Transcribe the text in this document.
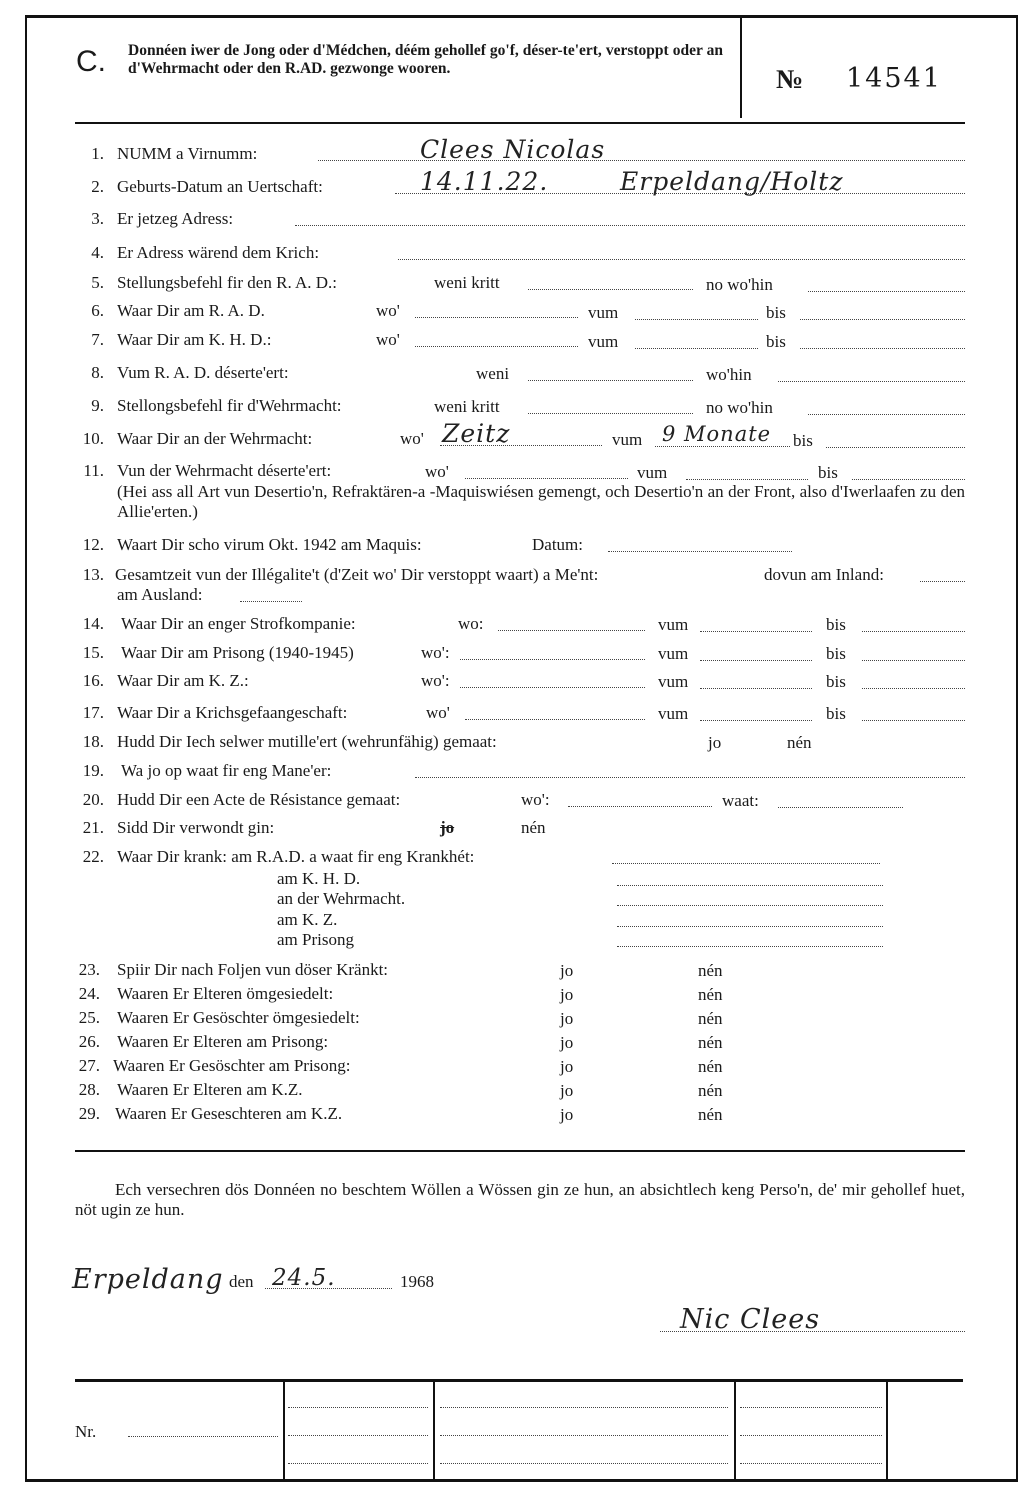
C. Donnéen iwer de Jong oder d'Médchen, déém gehollef go'f, déser-te'ert, verstoppt oder an d'Wehrmacht oder den R.AD. gezwonge wooren.	№ 14541
1. NUMM a Virnumm:	Clees Nicolas
2. Geburts-Datum an Uertschaft:	14.11.22.	Erpeldang/Holtz
3. Er jetzeg Adress:
4. Er Adress wärend dem Krich:
5. Stellungsbefehl fir den R. A. D.:	weni kritt	no wo'hin
6. Waar Dir am R. A. D.	wo'	vum	bis
7. Waar Dir am K. H. D.:	wo'	vum	bis
8. Vum R. A. D. déserte'ert:	weni	wo'hin
9. Stellongsbefehl fir d'Wehrmacht:	weni kritt	no wo'hin
10. Waar Dir an der Wehrmacht:	wo' Zeitz	vum 9 Monate bis
11. Vun der Wehrmacht déserte'ert:	wo'	vum	bis
(Hei ass all Art vun Desertio'n, Refraktären-a -Maquiswiésen gemengt, och Desertio'n an der Front, also d'Iwerlaafen zu den Allie'erten.)
12. Waart Dir scho virum Okt. 1942 am Maquis:	Datum:
13. Gesamtzeit vun der Illégalite't (d'Zeit wo' Dir verstoppt waart) a Me'nt:	dovun am Inland:
am Ausland:
14. Waar Dir an enger Strofkompanie:	wo:	vum	bis
15. Waar Dir am Prisong (1940-1945)	wo':	vum	bis
16. Waar Dir am K. Z.:	wo':	vum	bis
17. Waar Dir a Krichsgefaangeschaft:	wo'	vum	bis
18. Hudd Dir Iech selwer mutille'ert (wehrunfähig) gemaat:	jo	nén
19. Wa jo op waat fir eng Mane'er:
20. Hudd Dir een Acte de Résistance gemaat:	wo':	waat:
21. Sidd Dir verwondt gin:	jo	nén
22. Waar Dir krank: am R.A.D. a waat fir eng Krankhét:
am K. H. D.
an der Wehrmacht.
am K. Z.
am Prisong
23. Spiir Dir nach Foljen vun döser Kränkt:	jo	nén
24. Waaren Er Elteren ömgesiedelt:	jo	nén
25. Waaren Er Gesöschter ömgesiedelt:	jo	nén
26. Waaren Er Elteren am Prisong:	jo	nén
27. Waaren Er Gesöschter am Prisong:	jo	nén
28. Waaren Er Elteren am K.Z.	jo	nén
29. Waaren Er Geseschteren am K.Z.	jo	nén
Ech versechren dös Donnéen no beschtem Wöllen a Wössen gin ze hun, an absichtlech keng Perso'n, de' mir gehollef huet, nöt ugin ze hun.
Erpeldang den 24.5.	1968
Nic Clees
Nr.
